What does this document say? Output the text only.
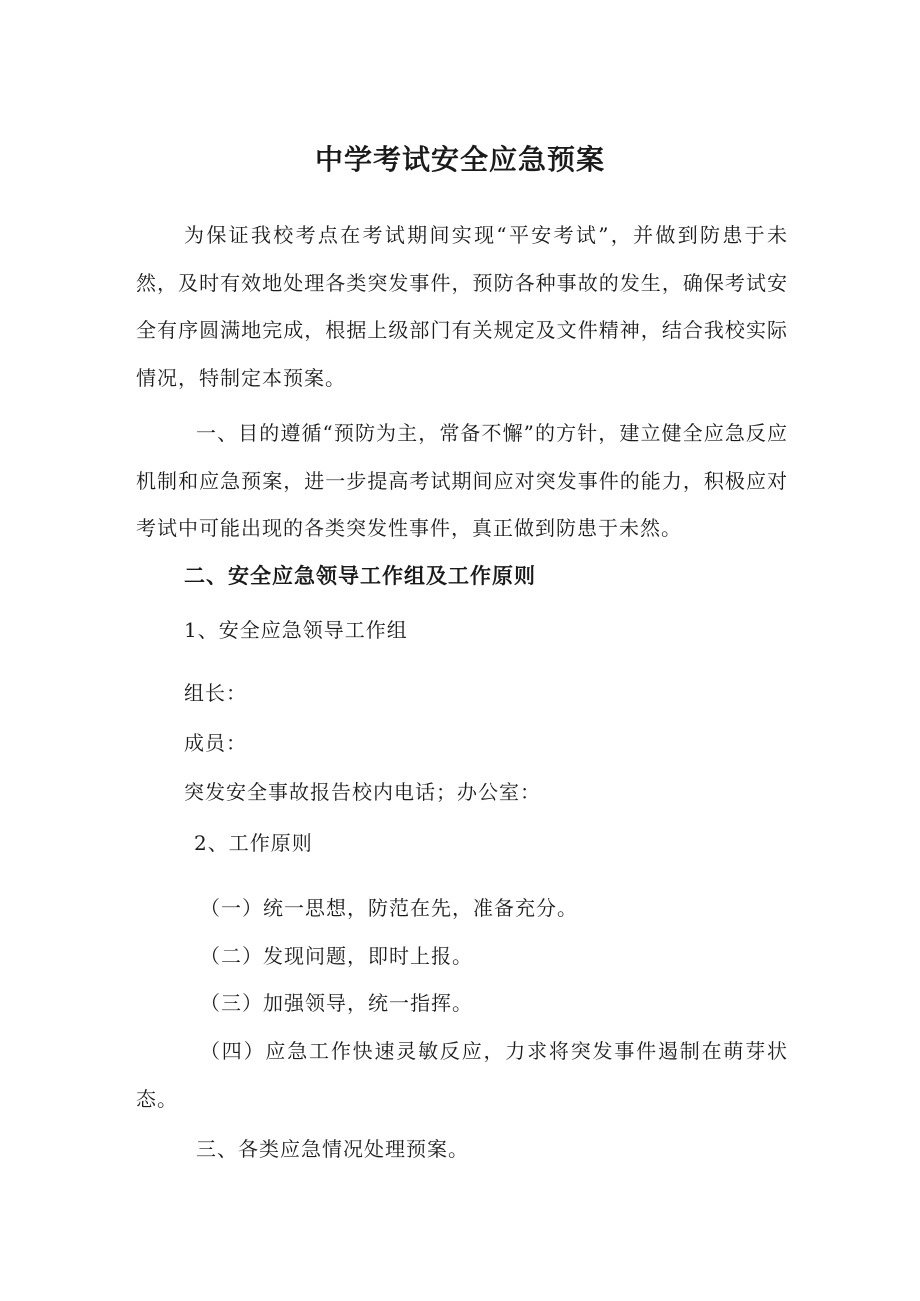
中学考试安全应急预案
为保证我校考点在考试期间实现“平安考试”，并做到防患于未然，及时有效地处理各类突发事件，预防各种事故的发生，确保考试安全有序圆满地完成，根据上级部门有关规定及文件精神，结合我校实际情况，特制定本预案。
一、目的遵循“预防为主，常备不懈”的方针，建立健全应急反应机制和应急预案，进一步提高考试期间应对突发事件的能力，积极应对考试中可能出现的各类突发性事件，真正做到防患于未然。
二、安全应急领导工作组及工作原则
1、安全应急领导工作组
组长：
成员：
突发安全事故报告校内电话；办公室：
2、工作原则
（一）统一思想，防范在先，准备充分。
（二）发现问题，即时上报。
（三）加强领导，统一指挥。
（四）应急工作快速灵敏反应，力求将突发事件遏制在萌芽状态。
三、各类应急情况处理预案。
